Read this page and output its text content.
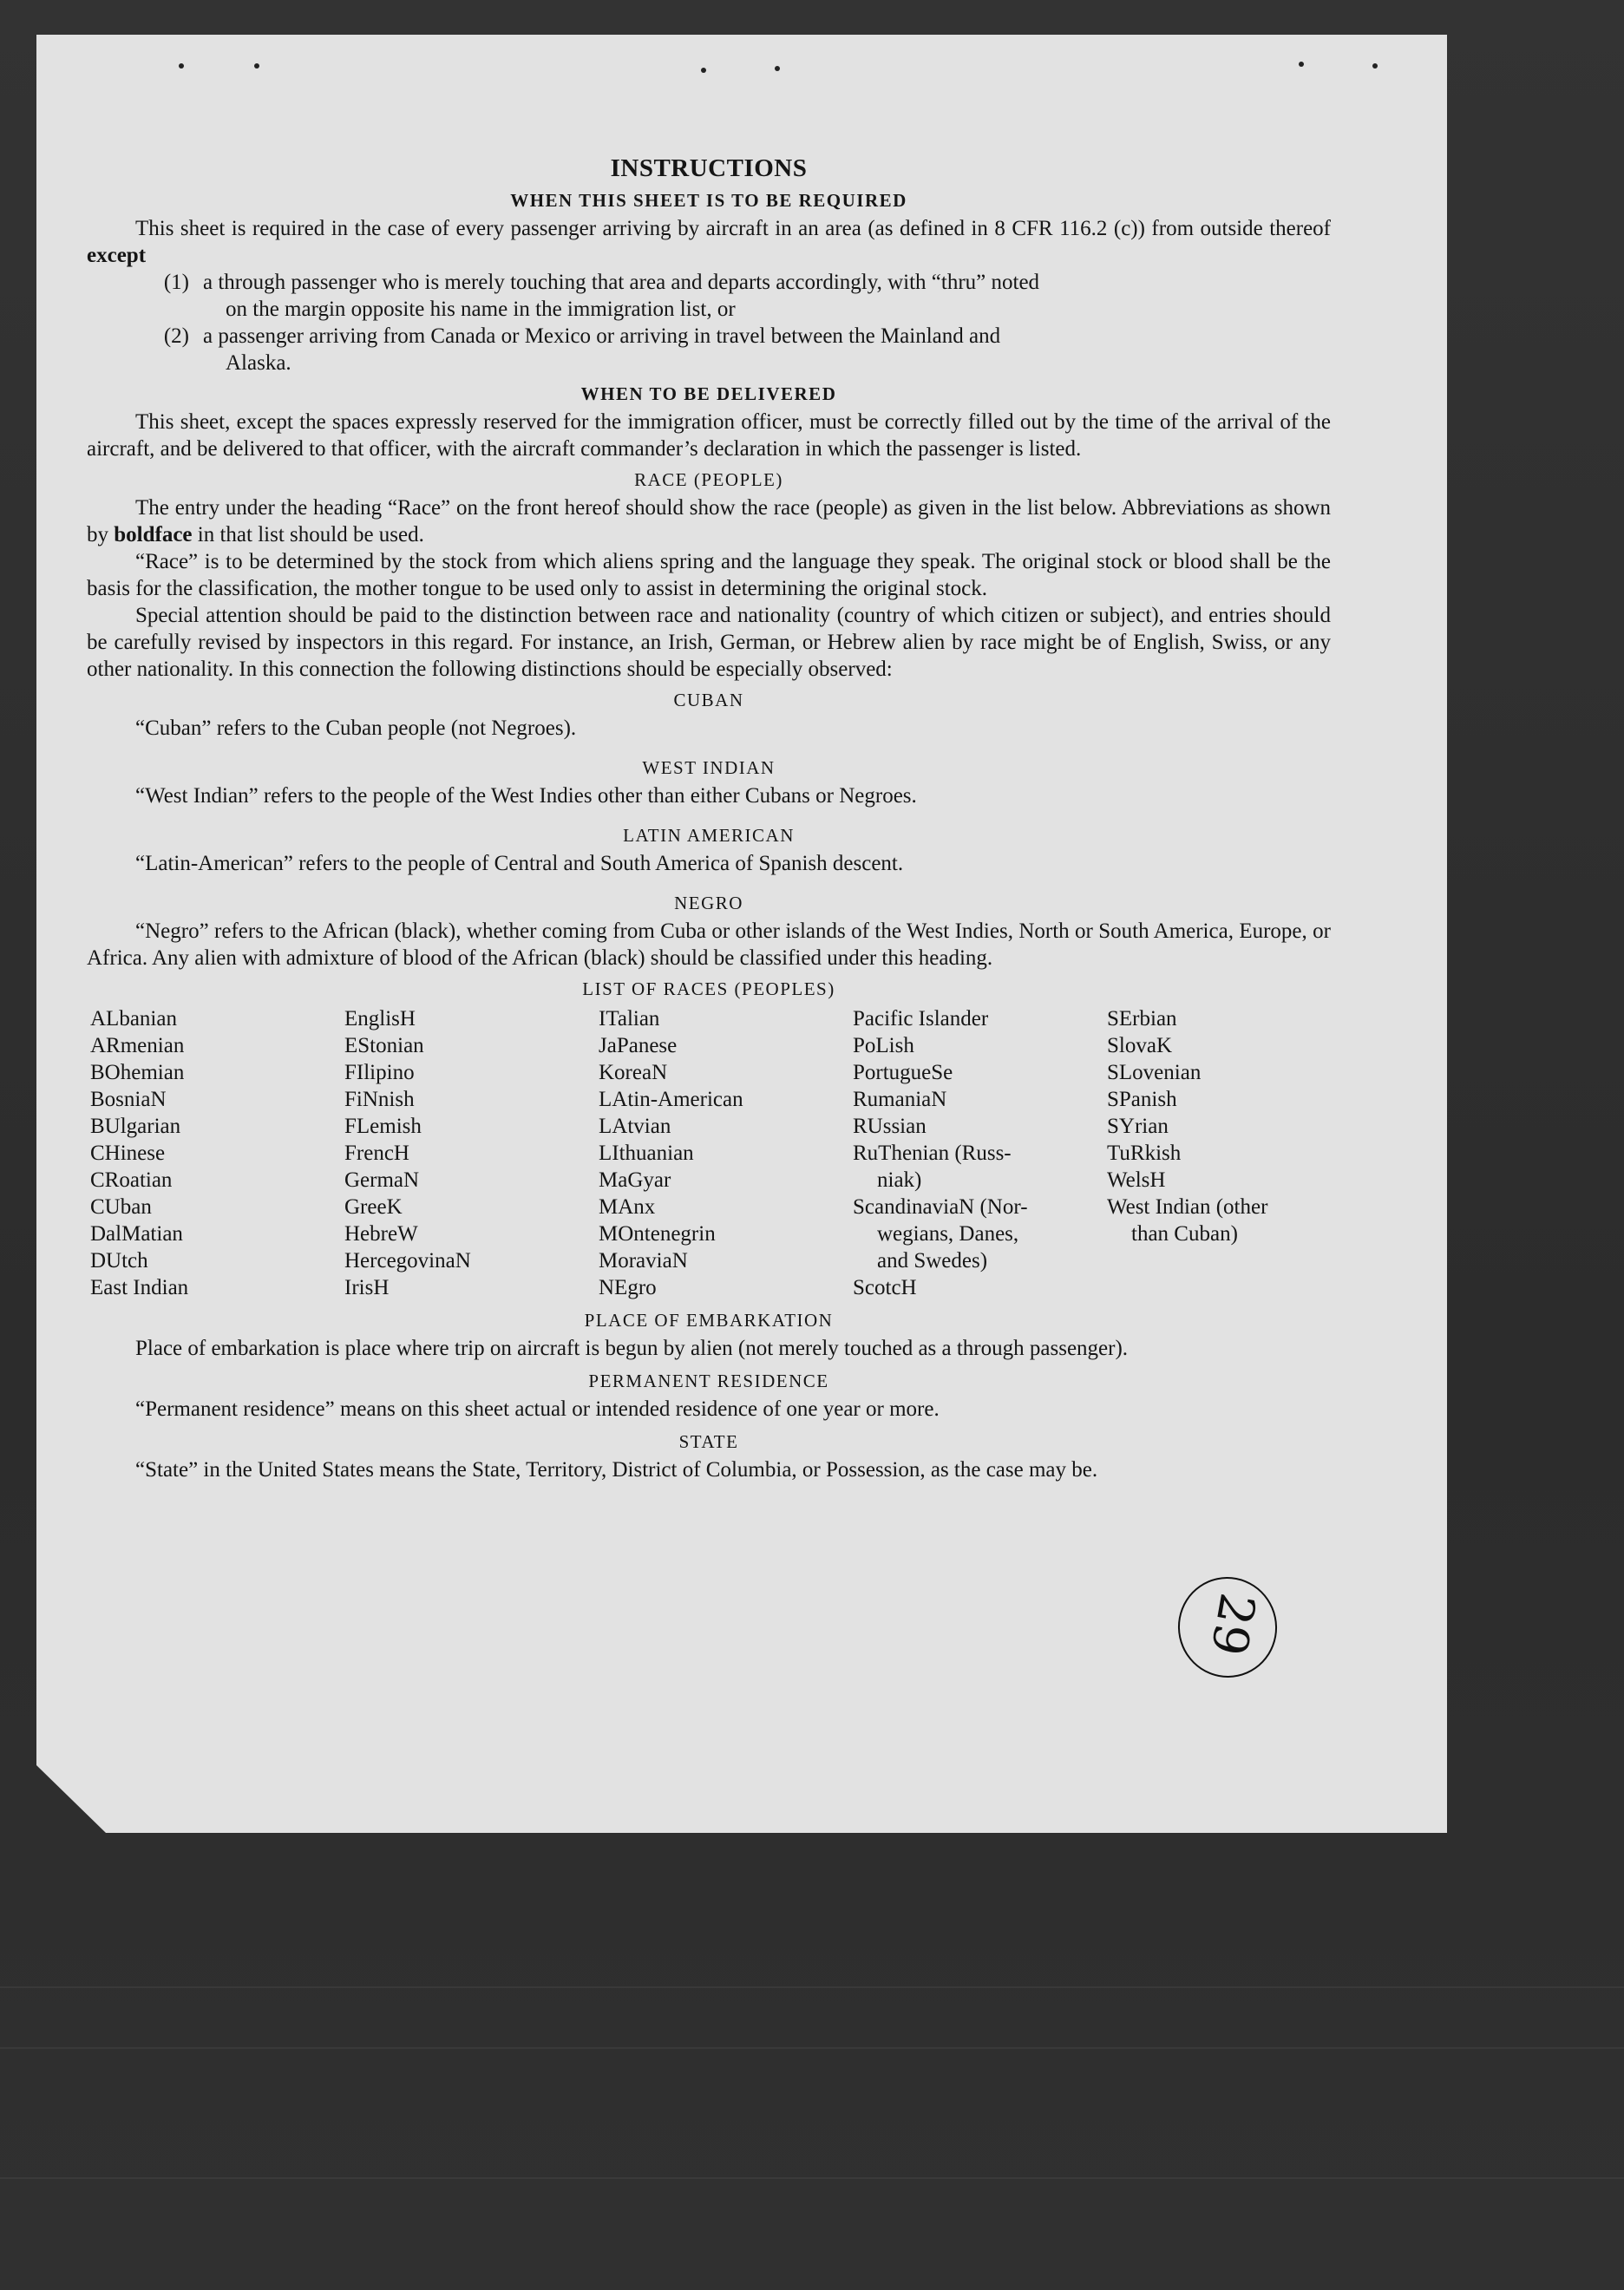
INSTRUCTIONS
WHEN THIS SHEET IS TO BE REQUIRED

This sheet is required in the case of every passenger arriving by aircraft in an area (as defined in 8 CFR 116.2 (c)) from outside thereof except

(1) a through passenger who is merely touching that area and departs accordingly, with “thru” noted
on the margin opposite his name in the immigration list, or
(2) a passenger arriving from Canada or Mexico or arriving in travel between the Mainland and
Alaska.
WHEN TO BE DELIVERED

This sheet, except the spaces expressly reserved for the immigration officer, must be correctly filled out by the time of the arrival of the aircraft, and be delivered to that officer, with the aircraft commander’s declaration in which the passenger is listed.

RACE (PEOPLE)

The entry under the heading “Race” on the front hereof should show the race (people) as given in the list below. Abbreviations as shown by boldface in that list should be used.

“Race” is to be determined by the stock from which aliens spring and the language they speak. The original stock or blood shall be the basis for the classification, the mother tongue to be used only to assist in determining the original stock.

Special attention should be paid to the distinction between race and nationality (country of which citizen or subject), and entries should be carefully revised by inspectors in this regard. For instance, an Irish, German, or Hebrew alien by race might be of English, Swiss, or any other nationality. In this connection the following distinctions should be especially observed:

CUBAN

“Cuban” refers to the Cuban people (not Negroes).

WEST INDIAN

“West Indian” refers to the people of the West Indies other than either Cubans or Negroes.

LATIN AMERICAN

“Latin-American” refers to the people of Central and South America of Spanish descent.

NEGRO

“Negro” refers to the African (black), whether coming from Cuba or other islands of the West Indies, North or South America, Europe, or Africa. Any alien with admixture of blood of the African (black) should be classified under this heading.

LIST OF RACES (PEOPLES)
ALbanian
ARmenian
BOhemian
BosniaN
BUlgarian
CHinese
CRoatian
CUban
DalMatian
DUtch
East Indian
EnglisH
EStonian
FIlipino
FiNnish
FLemish
FrencH
GermaN
GreeK
HebreW
HercegovinaN
IrisH
ITalian
JaPanese
KoreaN
LAtin-American
LAtvian
LIthuanian
MaGyar
MAnx
MOntenegrin
MoraviaN
NEgro
Pacific Islander
PoLish
PortugueSe
RumaniaN
RUssian
RuThenian (Russ-
niak)
ScandinaviaN (Nor-
wegians, Danes,
and Swedes)
ScotcH
SErbian
SlovaK
SLovenian
SPanish
SYrian
TuRkish
WelsH
West Indian (other
than Cuban)
PLACE OF EMBARKATION

Place of embarkation is place where trip on aircraft is begun by alien (not merely touched as a through passenger).

PERMANENT RESIDENCE

“Permanent residence” means on this sheet actual or intended residence of one year or more.

STATE

“State” in the United States means the State, Territory, District of Columbia, or Possession, as the case may be.

29
